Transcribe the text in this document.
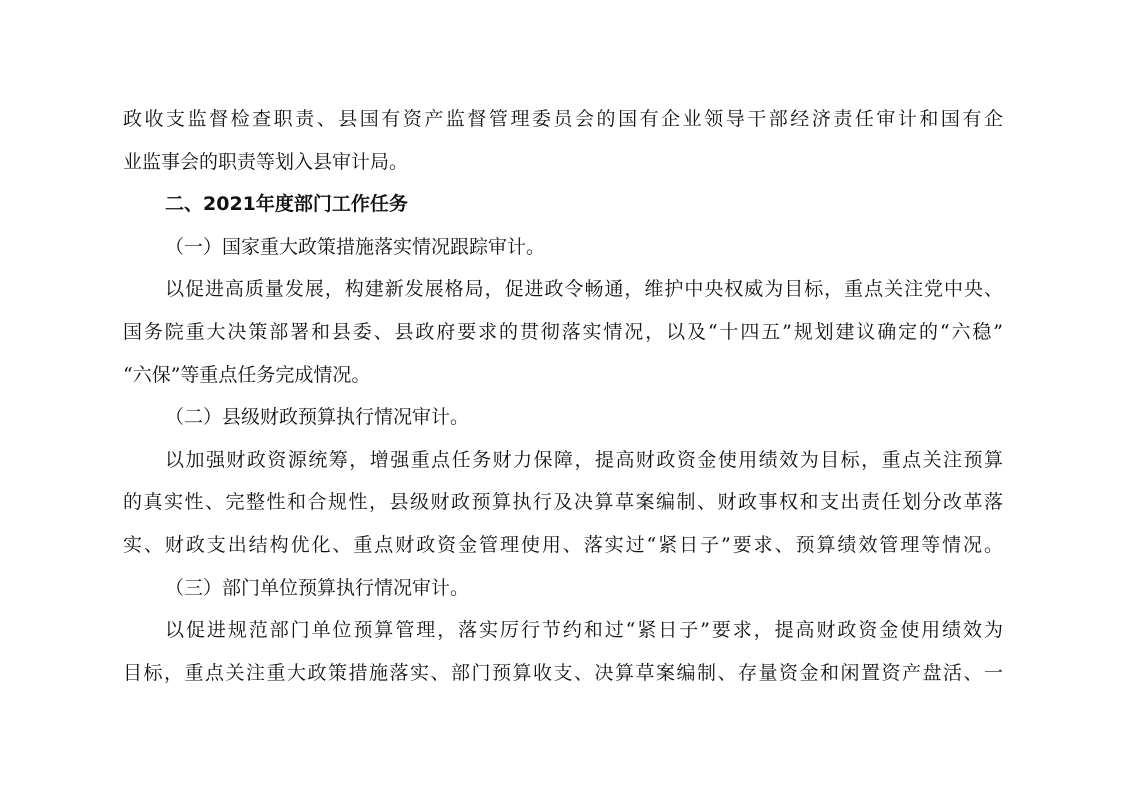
政收支监督检查职责、县国有资产监督管理委员会的国有企业领导干部经济责任审计和国有企
业监事会的职责等划入县审计局。
二、2021年度部门工作任务
（一）国家重大政策措施落实情况跟踪审计。
以促进高质量发展，构建新发展格局，促进政令畅通，维护中央权威为目标，重点关注党中央、
国务院重大决策部署和县委、县政府要求的贯彻落实情况，以及“十四五”规划建议确定的“六稳”
“六保”等重点任务完成情况。
（二）县级财政预算执行情况审计。
以加强财政资源统筹，增强重点任务财力保障，提高财政资金使用绩效为目标，重点关注预算
的真实性、完整性和合规性，县级财政预算执行及决算草案编制、财政事权和支出责任划分改革落
实、财政支出结构优化、重点财政资金管理使用、落实过“紧日子”要求、预算绩效管理等情况。
（三）部门单位预算执行情况审计。
以促进规范部门单位预算管理，落实厉行节约和过“紧日子”要求，提高财政资金使用绩效为
目标，重点关注重大政策措施落实、部门预算收支、决算草案编制、存量资金和闲置资产盘活、一
